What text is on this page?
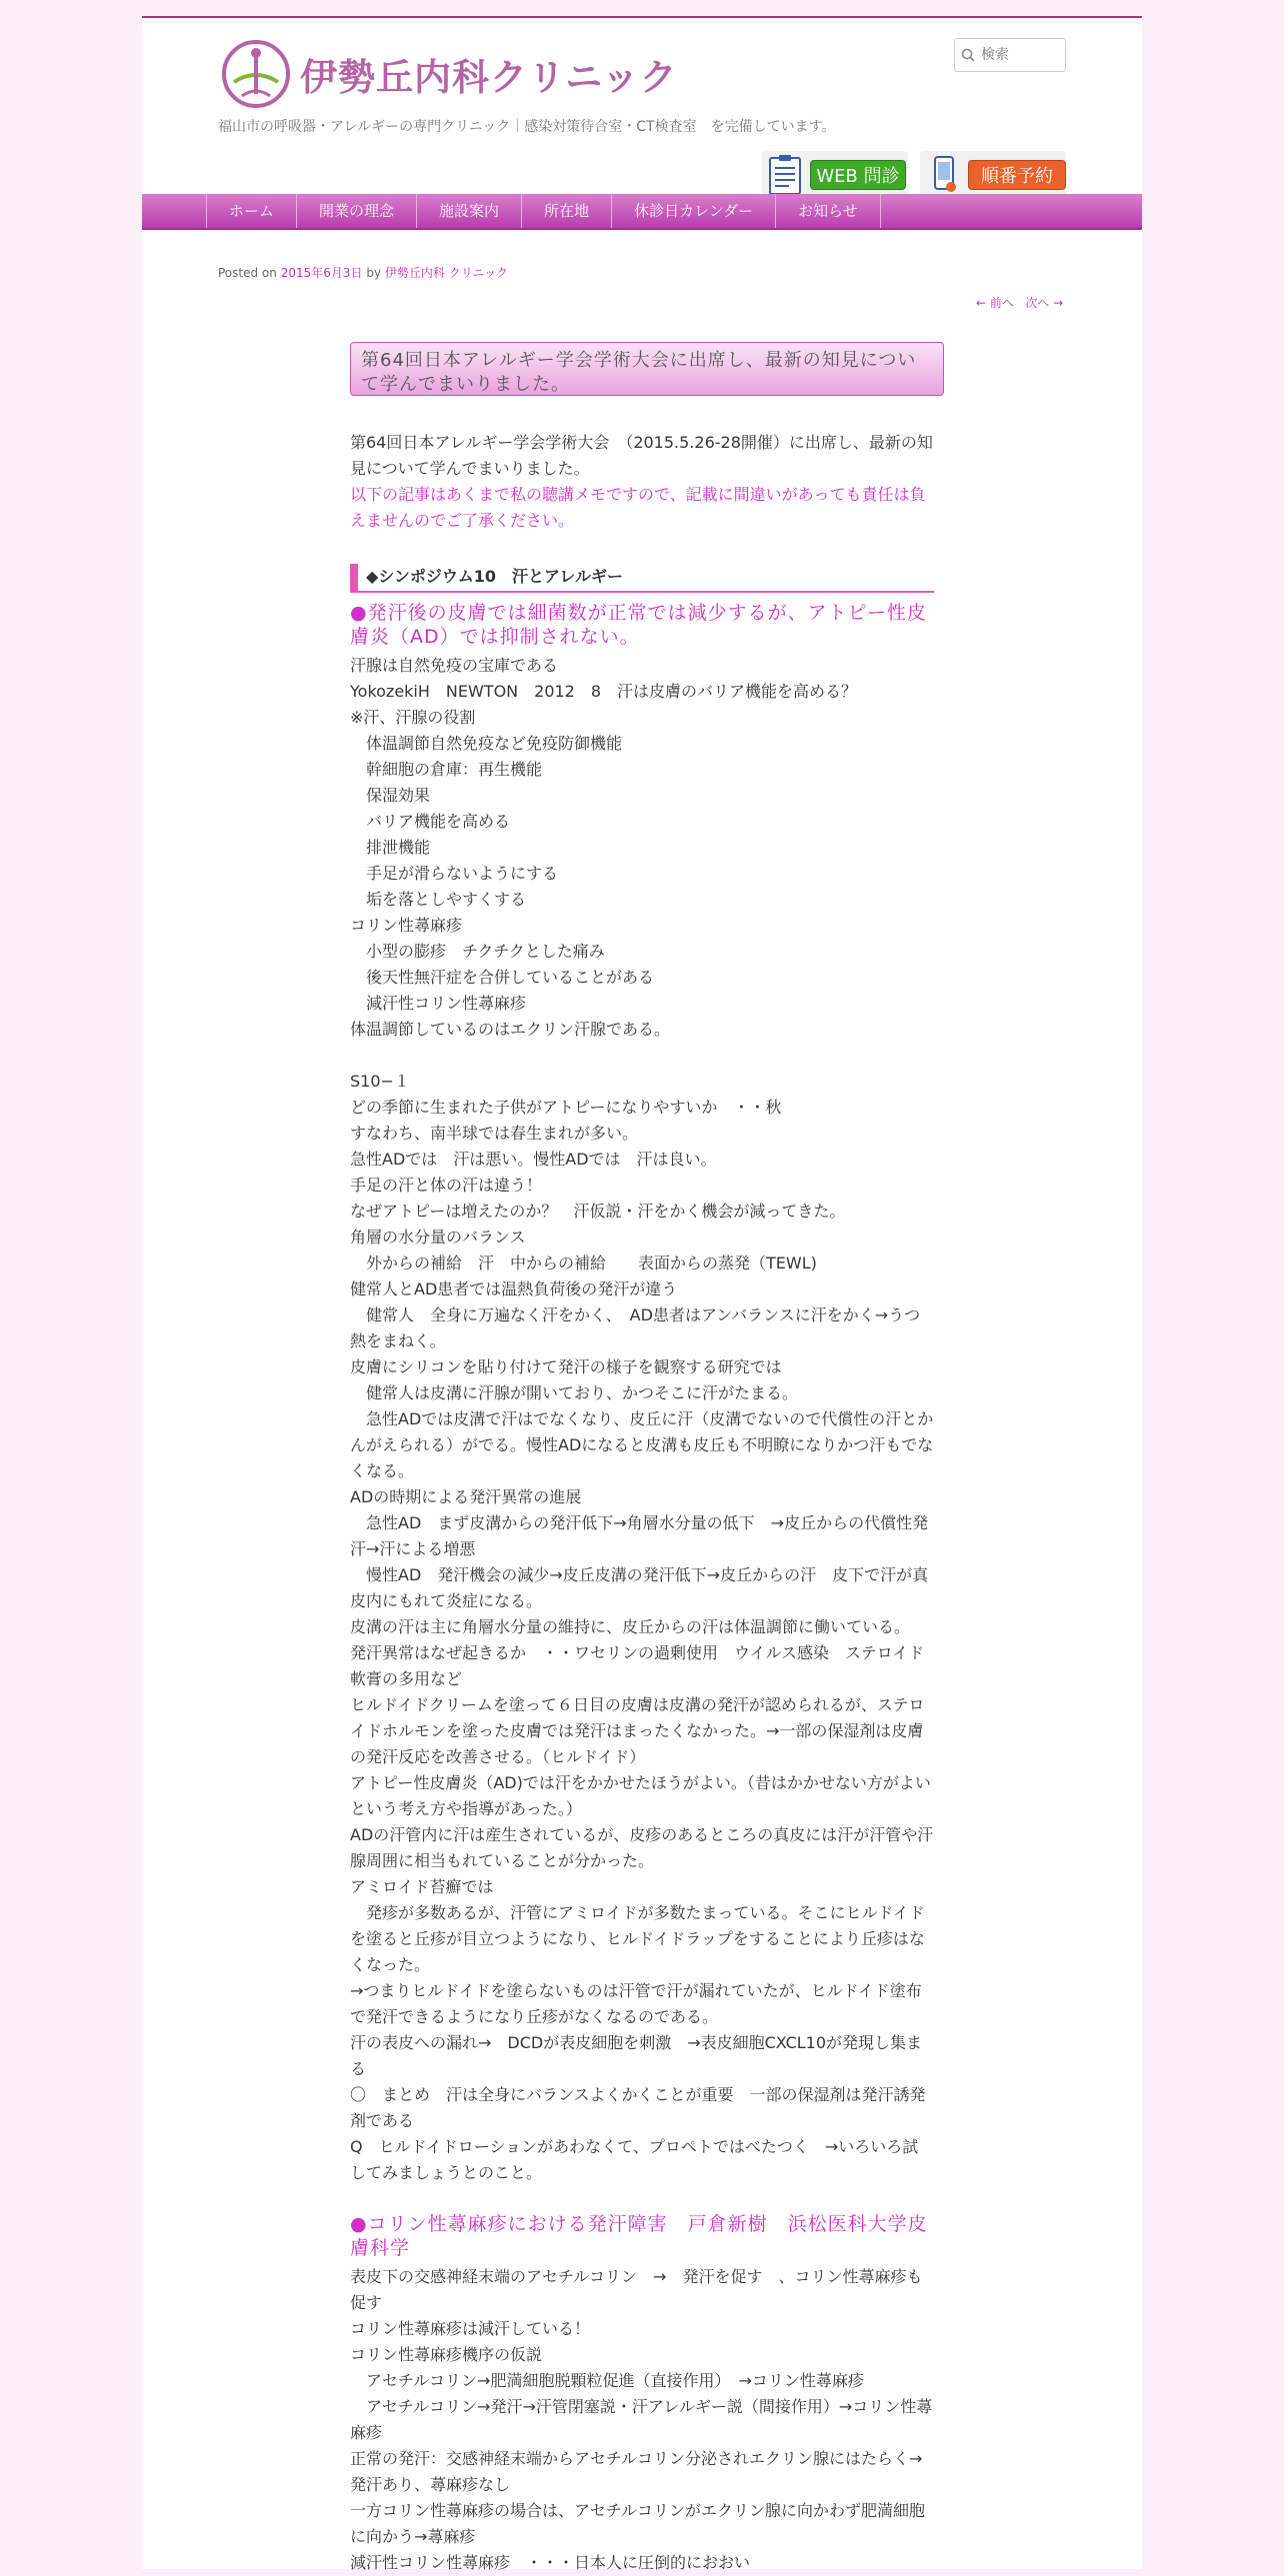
伊勢丘内科クリニック
福山市の呼吸器・アレルギーの専門クリニック｜感染対策待合室・CT検査室　を完備しています。
検索
WEB 問診	順番予約
ホーム	開業の理念	施設案内	所在地	休診日カレンダー	お知らせ
Posted on 2015年6月3日 by 伊勢丘内科 クリニック
← 前へ 次へ →
第64回日本アレルギー学会学術大会に出席し、最新の知見について学んでまいりました。
第64回日本アレルギー学会学術大会　（2015.5.26-28開催）に出席し、最新の知見について学んでまいりました。
以下の記事はあくまで私の聴講メモですので、記載に間違いがあっても責任は負えませんのでご了承ください。
◆シンポジウム10　汗とアレルギー
●発汗後の皮膚では細菌数が正常では減少するが、アトピー性皮膚炎（AD）では抑制されない。
汗腺は自然免疫の宝庫である
YokozekiH　NEWTON　2012　8　汗は皮膚のバリア機能を高める？
※汗、汗腺の役割
　体温調節自然免疫など免疫防御機能
　幹細胞の倉庫：再生機能
　保湿効果
　バリア機能を高める
　排泄機能
　手足が滑らないようにする
　垢を落としやすくする
コリン性蕁麻疹
　小型の膨疹　チクチクとした痛み
　後天性無汗症を合併していることがある
　減汗性コリン性蕁麻疹
体温調節しているのはエクリン汗腺である。

S10−１
どの季節に生まれた子供がアトピーになりやすいか　・・秋
すなわち、南半球では春生まれが多い。
急性ADでは　汗は悪い。慢性ADでは　汗は良い。
手足の汗と体の汗は違う！
なぜアトピーは増えたのか？　汗仮説・汗をかく機会が減ってきた。
角層の水分量のバランス
　外からの補給　汗　中からの補給　　表面からの蒸発（TEWL)
健常人とAD患者では温熱負荷後の発汗が違う
　健常人　全身に万遍なく汗をかく、　AD患者はアンバランスに汗をかく→うつ熱をまねく。
皮膚にシリコンを貼り付けて発汗の様子を観察する研究では
　健常人は皮溝に汗腺が開いており、かつそこに汗がたまる。
　急性ADでは皮溝で汗はでなくなり、皮丘に汗（皮溝でないので代償性の汗とかんがえられる）がでる。慢性ADになると皮溝も皮丘も不明瞭になりかつ汗もでなくなる。
ADの時期による発汗異常の進展
　急性AD　まず皮溝からの発汗低下→角層水分量の低下　→皮丘からの代償性発汗→汗による増悪
　慢性AD　発汗機会の減少→皮丘皮溝の発汗低下→皮丘からの汗　皮下で汗が真皮内にもれて炎症になる。
皮溝の汗は主に角層水分量の維持に、皮丘からの汗は体温調節に働いている。
発汗異常はなぜ起きるか　・・ワセリンの過剰使用　ウイルス感染　ステロイド軟膏の多用など
ヒルドイドクリームを塗って６日目の皮膚は皮溝の発汗が認められるが、ステロイドホルモンを塗った皮膚では発汗はまったくなかった。→一部の保湿剤は皮膚の発汗反応を改善させる。（ヒルドイド）
アトピー性皮膚炎（AD)では汗をかかせたほうがよい。（昔はかかせない方がよいという考え方や指導があった。）
ADの汗管内に汗は産生されているが、皮疹のあるところの真皮には汗が汗管や汗腺周囲に相当もれていることが分かった。
アミロイド苔癬では
　発疹が多数あるが、汗管にアミロイドが多数たまっている。そこにヒルドイドを塗ると丘疹が目立つようになり、ヒルドイドラップをすることにより丘疹はなくなった。
→つまりヒルドイドを塗らないものは汗管で汗が漏れていたが、ヒルドイド塗布で発汗できるようになり丘疹がなくなるのである。
汗の表皮への漏れ→　DCDが表皮細胞を刺激　→表皮細胞CXCL10が発現し集まる
〇　まとめ　汗は全身にバランスよくかくことが重要　一部の保湿剤は発汗誘発剤である
Q　ヒルドイドローションがあわなくて、プロペトではべたつく　→いろいろ試してみましょうとのこと。
●コリン性蕁麻疹における発汗障害　戸倉新樹　浜松医科大学皮膚科学
表皮下の交感神経末端のアセチルコリン　→　発汗を促す　、コリン性蕁麻疹も促す
コリン性蕁麻疹は減汗している！
コリン性蕁麻疹機序の仮説
　アセチルコリン→肥満細胞脱顆粒促進（直接作用）　→コリン性蕁麻疹
　アセチルコリン→発汗→汗管閉塞説・汗アレルギー説（間接作用）→コリン性蕁麻疹
正常の発汗：交感神経末端からアセチルコリン分泌されエクリン腺にはたらく→発汗あり、蕁麻疹なし
一方コリン性蕁麻疹の場合は、アセチルコリンがエクリン腺に向かわず肥満細胞に向かう→蕁麻疹
減汗性コリン性蕁麻疹　・・・日本人に圧倒的におおい
